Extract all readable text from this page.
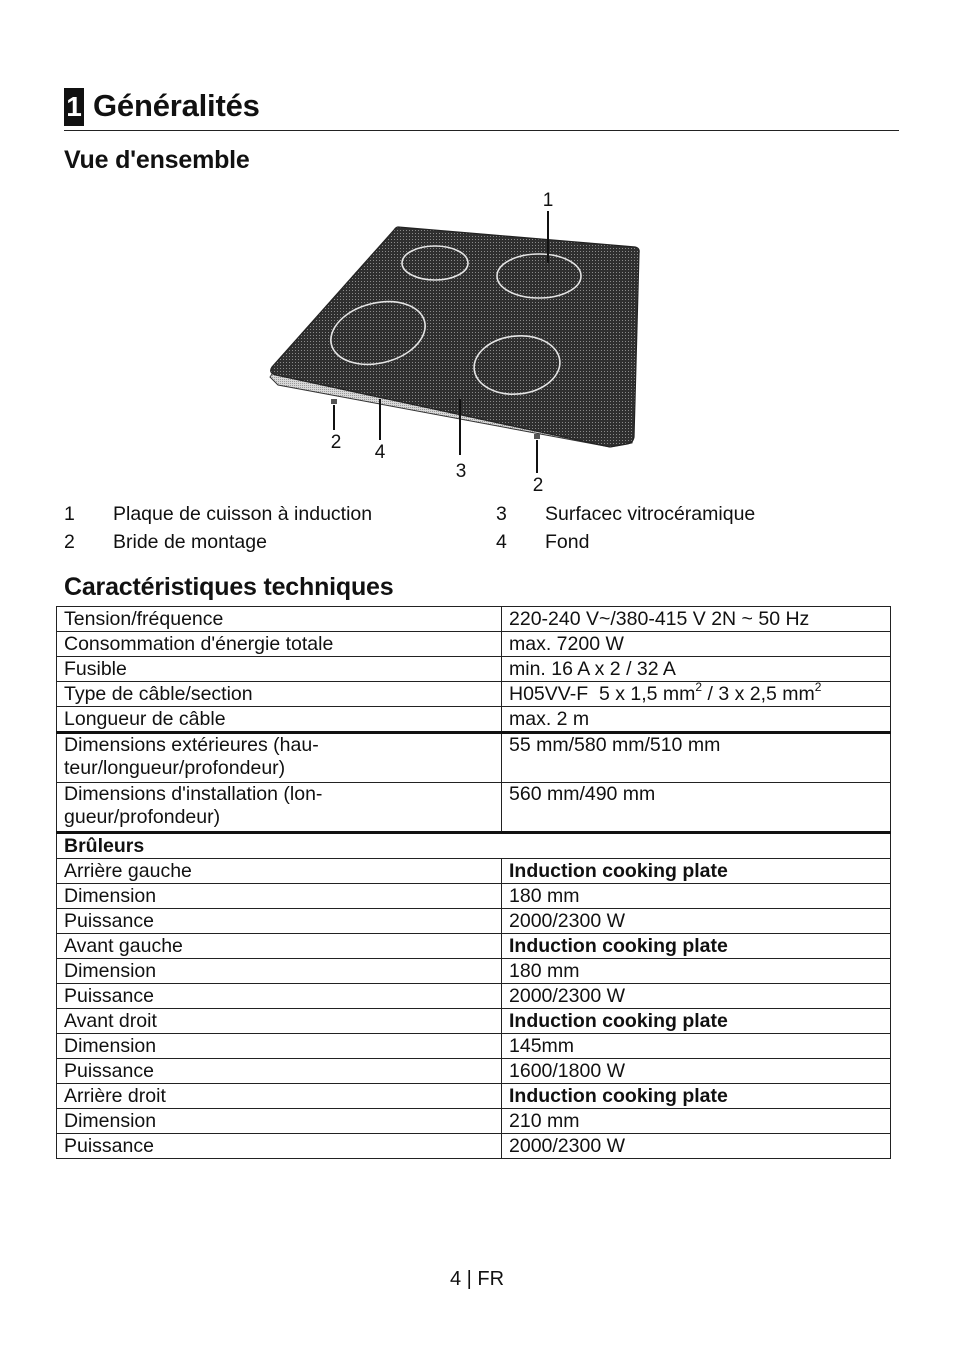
1 Généralités
Vue d'ensemble
1
2 4
3
2
1 Plaque de cuisson à induction	3 Surfacec vitrocéramique
2 Bride de montage	4 Fond
Caractéristiques techniques
Tension/fréquence	220-240 V~/380-415 V 2N ~ 50 Hz
Consommation d'énergie totale	max. 7200 W
Fusible	min. 16 A x 2 / 32 A
Type de câble/section	H05VV-F  5 x 1,5 $mm^2 / 3$ x 2,5 $mm^2$
Longueur de câble	max. 2 m
Dimensions extérieures (hau-
teur/longueur/profondeur)	55 mm/580 mm/510 mm
Dimensions d'installation (lon-
gueur/profondeur)	560 mm/490 mm
Brûleurs	
Arrière gauche	Induction cooking plate
Dimension	180 mm
Puissance	2000/2300 W
Avant gauche	Induction cooking plate
Dimension	180 mm
Puissance	2000/2300 W
Avant droit	Induction cooking plate
Dimension	145mm
Puissance	1600/1800 W
Arrière droit	Induction cooking plate
Dimension	210 mm
Puissance	2000/2300 W
4 | FR
